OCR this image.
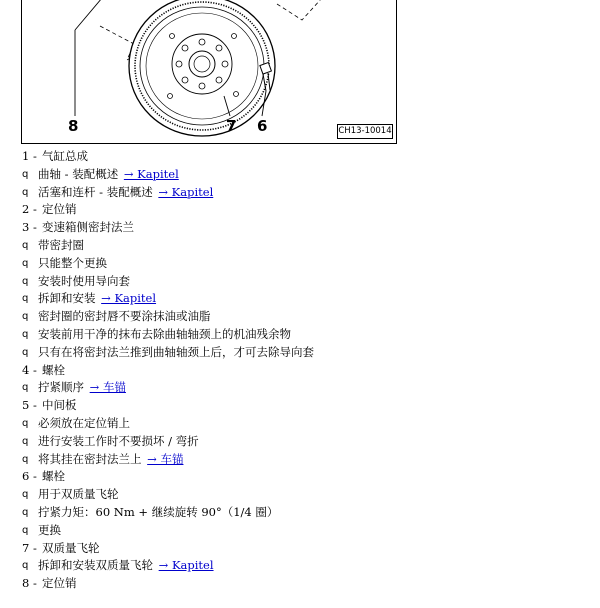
8	7 6	CH13-10014
1 - 气缸总成
q 曲轴 - 装配概述 → Kapitel
q 活塞和连杆 - 装配概述 → Kapitel
2 - 定位销
3 - 变速箱侧密封法兰
q 带密封圈
q 只能整个更换
q 安装时使用导向套
q 拆卸和安装 → Kapitel
q 密封圈的密封唇不要涂抹油或油脂
q 安装前用干净的抹布去除曲轴轴颈上的机油残余物
q 只有在将密封法兰推到曲轴轴颈上后，才可去除导向套
4 - 螺栓
q 拧紧顺序 → 车锚
5 - 中间板
q 必须放在定位销上
q 进行安装工作时不要损坏 / 弯折
q 将其挂在密封法兰上 → 车锚
6 - 螺栓
q 用于双质量飞轮
q 拧紧力矩：60 Nm + 继续旋转 90°（1/4 圈）
q 更换
7 - 双质量飞轮
q 拆卸和安装双质量飞轮 → Kapitel
8 - 定位销
